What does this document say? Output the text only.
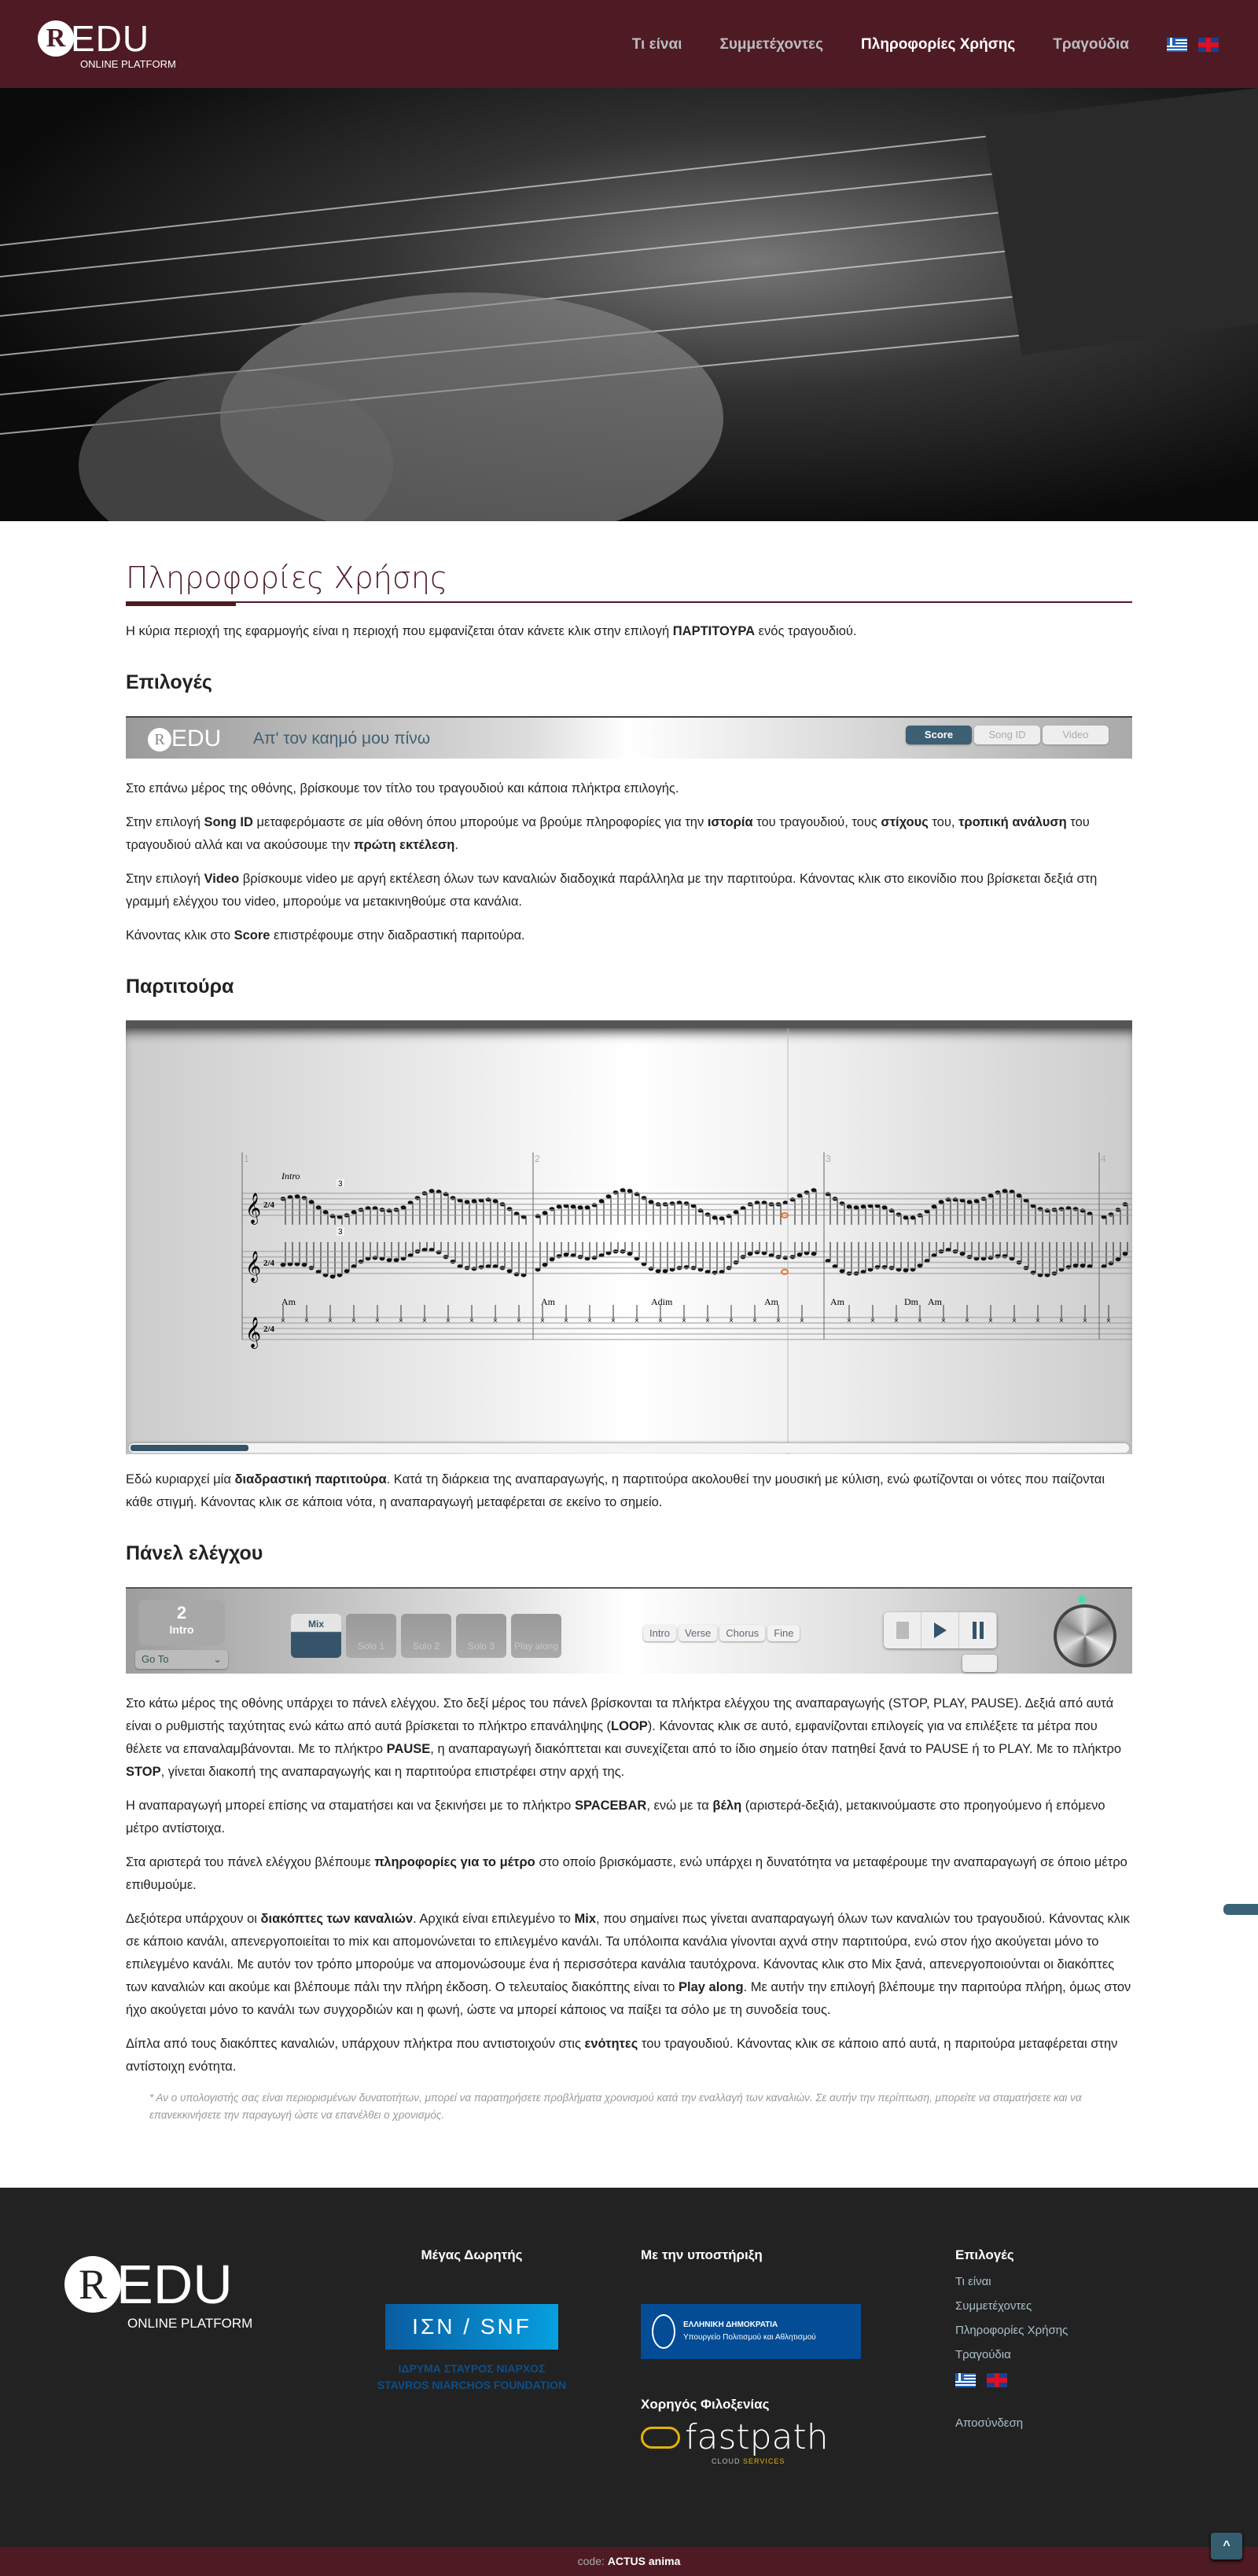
R EDU
ONLINE PLATFORM
Τι είναι	Συμμετέχοντες	Πληροφορίες Χρήσης	Τραγούδια
Πληροφορίες Χρήσης

Η κύρια περιοχή της εφαρμογής είναι η περιοχή που εμφανίζεται όταν κάνετε κλικ στην επιλογή ΠΑΡΤΙΤΟΥΡΑ ενός τραγουδιού.

Επιλογές
R EDU Απ' τον καημό μου πίνω	Score	Song ID	Video

Στο επάνω μέρος της οθόνης, βρίσκουμε τον τίτλο του τραγουδιού και κάποια πλήκτρα επιλογής.

Στην επιλογή Song ID μεταφερόμαστε σε μία οθόνη όπου μπορούμε να βρούμε πληροφορίες για την ιστορία του τραγουδιού, τους στίχους του, τροπική ανάλυση του τραγουδιού αλλά και να ακούσουμε την πρώτη εκτέλεση.

Στην επιλογή Video βρίσκουμε video με αργή εκτέλεση όλων των καναλιών διαδοχικά παράλληλα με την παρτιτούρα. Κάνοντας κλικ στο εικονίδιο που βρίσκεται δεξιά στη γραμμή ελέγχου του video, μπορούμε να μετακινηθούμε στα κανάλια.

Κάνοντας κλικ στο Score επιστρέφουμε στην διαδραστική παριτούρα.

Παρτιτούρα
𝄞 2/4
𝄞 2/4
𝄞 2/4
1	2	3	4
Intro
Am	Am	Adim	Am	Am	Dm Am
× × × × × × × × × × × × × × × × × × × × × × ×	× × × × × × × × × × × ×
3
3

Εδώ κυριαρχεί μία διαδραστική παρτιτούρα. Κατά τη διάρκεια της αναπαραγωγής, η παρτιτούρα ακολουθεί την μουσική με κύλιση, ενώ φωτίζονται οι νότες που παίζονται κάθε στιγμή. Κάνοντας κλικ σε κάποια νότα, η αναπαραγωγή μεταφέρεται σε εκείνο το σημείο.

Πάνελ ελέγχου
2
Intro
Go To	⌄
Mix
Solo 1	Solo 2	Solo 3	Play along
Intro	Verse	Chorus	Fine

Στο κάτω μέρος της οθόνης υπάρχει το πάνελ ελέγχου. Στο δεξί μέρος του πάνελ βρίσκονται τα πλήκτρα ελέγχου της αναπαραγωγής (STOP, PLAY, PAUSE). Δεξιά από αυτά είναι ο ρυθμιστής ταχύτητας ενώ κάτω από αυτά βρίσκεται το πλήκτρο επανάληψης (LOOP). Κάνοντας κλικ σε αυτό, εμφανίζονται επιλογείς για να επιλέξετε τα μέτρα που θέλετε να επαναλαμβάνονται. Με το πλήκτρο PAUSE, η αναπαραγωγή διακόπτεται και συνεχίζεται από το ίδιο σημείο όταν πατηθεί ξανά το PAUSE ή το PLAY. Με το πλήκτρο STOP, γίνεται διακοπή της αναπαραγωγής και η παρτιτούρα επιστρέφει στην αρχή της.

Η αναπαραγωγή μπορεί επίσης να σταματήσει και να ξεκινήσει με το πλήκτρο SPACEBAR, ενώ με τα βέλη (αριστερά-δεξιά), μετακινούμαστε στο προηγούμενο ή επόμενο μέτρο αντίστοιχα.

Στα αριστερά του πάνελ ελέγχου βλέπουμε πληροφορίες για το μέτρο στο οποίο βρισκόμαστε, ενώ υπάρχει η δυνατότητα να μεταφέρουμε την αναπαραγωγή σε όποιο μέτρο επιθυμούμε.

Δεξιότερα υπάρχουν οι διακόπτες των καναλιών. Αρχικά είναι επιλεγμένο το Mix, που σημαίνει πως γίνεται αναπαραγωγή όλων των καναλιών του τραγουδιού. Κάνοντας κλικ σε κάποιο κανάλι, απενεργοποιείται το mix και απομονώνεται το επιλεγμένο κανάλι. Τα υπόλοιπα κανάλια γίνονται αχνά στην παρτιτούρα, ενώ στον ήχο ακούγεται μόνο το επιλεγμένο κανάλι. Με αυτόν τον τρόπο μπορούμε να απομονώσουμε ένα ή περισσότερα κανάλια ταυτόχρονα. Κάνοντας κλικ στο Mix ξανά, απενεργοποιούνται οι διακόπτες των καναλιών και ακούμε και βλέπουμε πάλι την πλήρη έκδοση. Ο τελευταίος διακόπτης είναι το Play along. Με αυτήν την επιλογή βλέπουμε την παριτούρα πλήρη, όμως στον ήχο ακούγεται μόνο το κανάλι των συγχορδιών και η φωνή, ώστε να μπορεί κάποιος να παίξει τα σόλο με τη συνοδεία τους.

Δίπλα από τους διακόπτες καναλιών, υπάρχουν πλήκτρα που αντιστοιχούν στις ενότητες του τραγουδιού. Κάνοντας κλικ σε κάποιο από αυτά, η παριτούρα μεταφέρεται στην αντίστοιχη ενότητα.

* Αν ο υπολογιστής σας είναι περιορισμένων δυνατοτήτων, μπορεί να παρατηρήσετε προβλήματα χρονισμού κατά την εναλλαγή των καναλιών. Σε αυτήν την περίπτωση, μπορείτε να σταματήσετε και να επανεκκινήσετε την παραγωγή ώστε να επανέλθει ο χρονισμός.
R EDU
ONLINE PLATFORM
Μέγας Δωρητής
ΙΣΝ / SNF
ΙΔΡΥΜΑ ΣΤΑΥΡΟΣ ΝΙΑΡΧΟΣ
STAVROS NIARCHOS FOUNDATION
Με την υποστήριξη
ΕΛΛΗΝΙΚΗ ΔΗΜΟΚΡΑΤΙΑ
Υπουργείο Πολιτισμού και Αθλητισμού
Χορηγός Φιλοξενίας
fastpath
CLOUD SERVICES
Επιλογές
Τι είναι
Συμμετέχοντες
Πληροφορίες Χρήσης
Τραγούδια
Αποσύνδεση
code: ACTUS anima
^
